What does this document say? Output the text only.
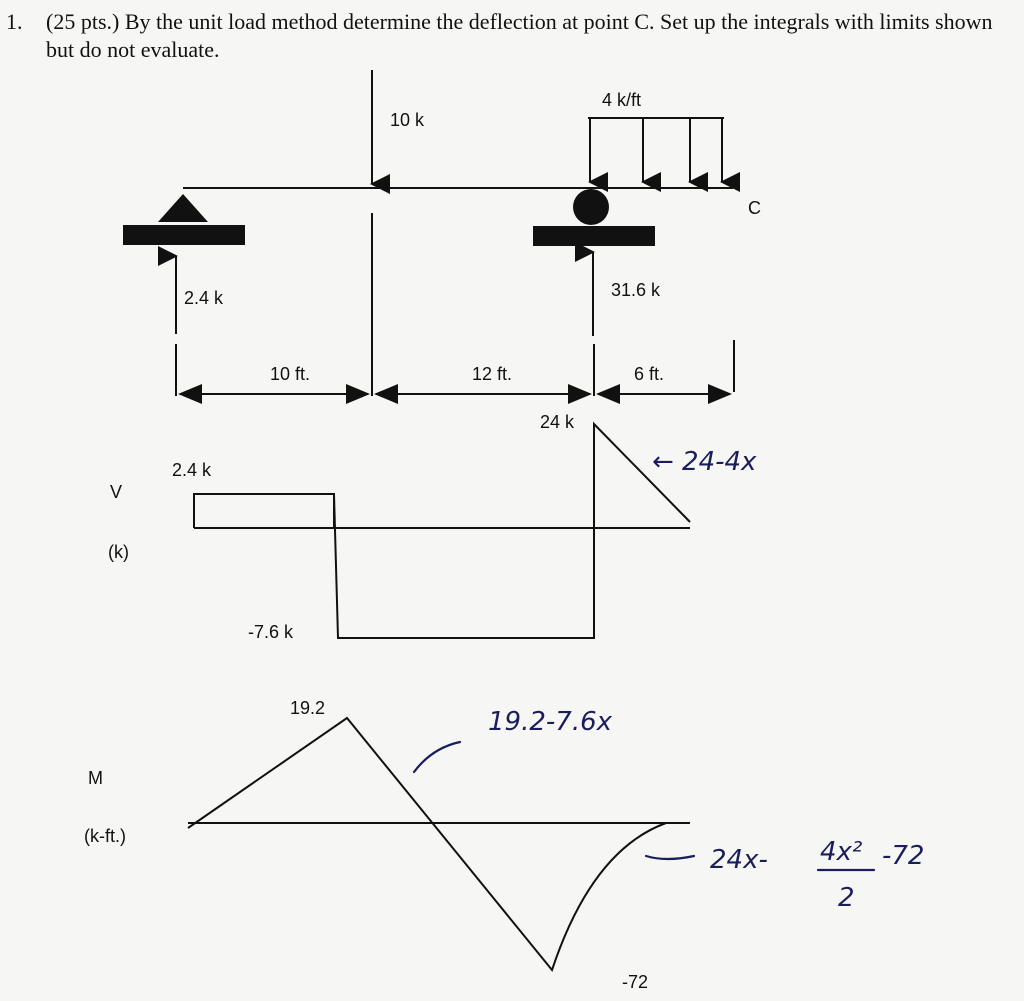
1. (25 pts.) By the unit load method determine the deflection at point C. Set up the integrals with limits shown but do not evaluate.
10 k
4 k/ft
C
2.4 k	31.6 k
10 ft.	12 ft.	6 ft.
V
(k)
2.4 k
-7.6 k
24 k
← 24-4x
M
(k-ft.)
19.2
-72
19.2-7.6x
24x- 4x²
2
-72
